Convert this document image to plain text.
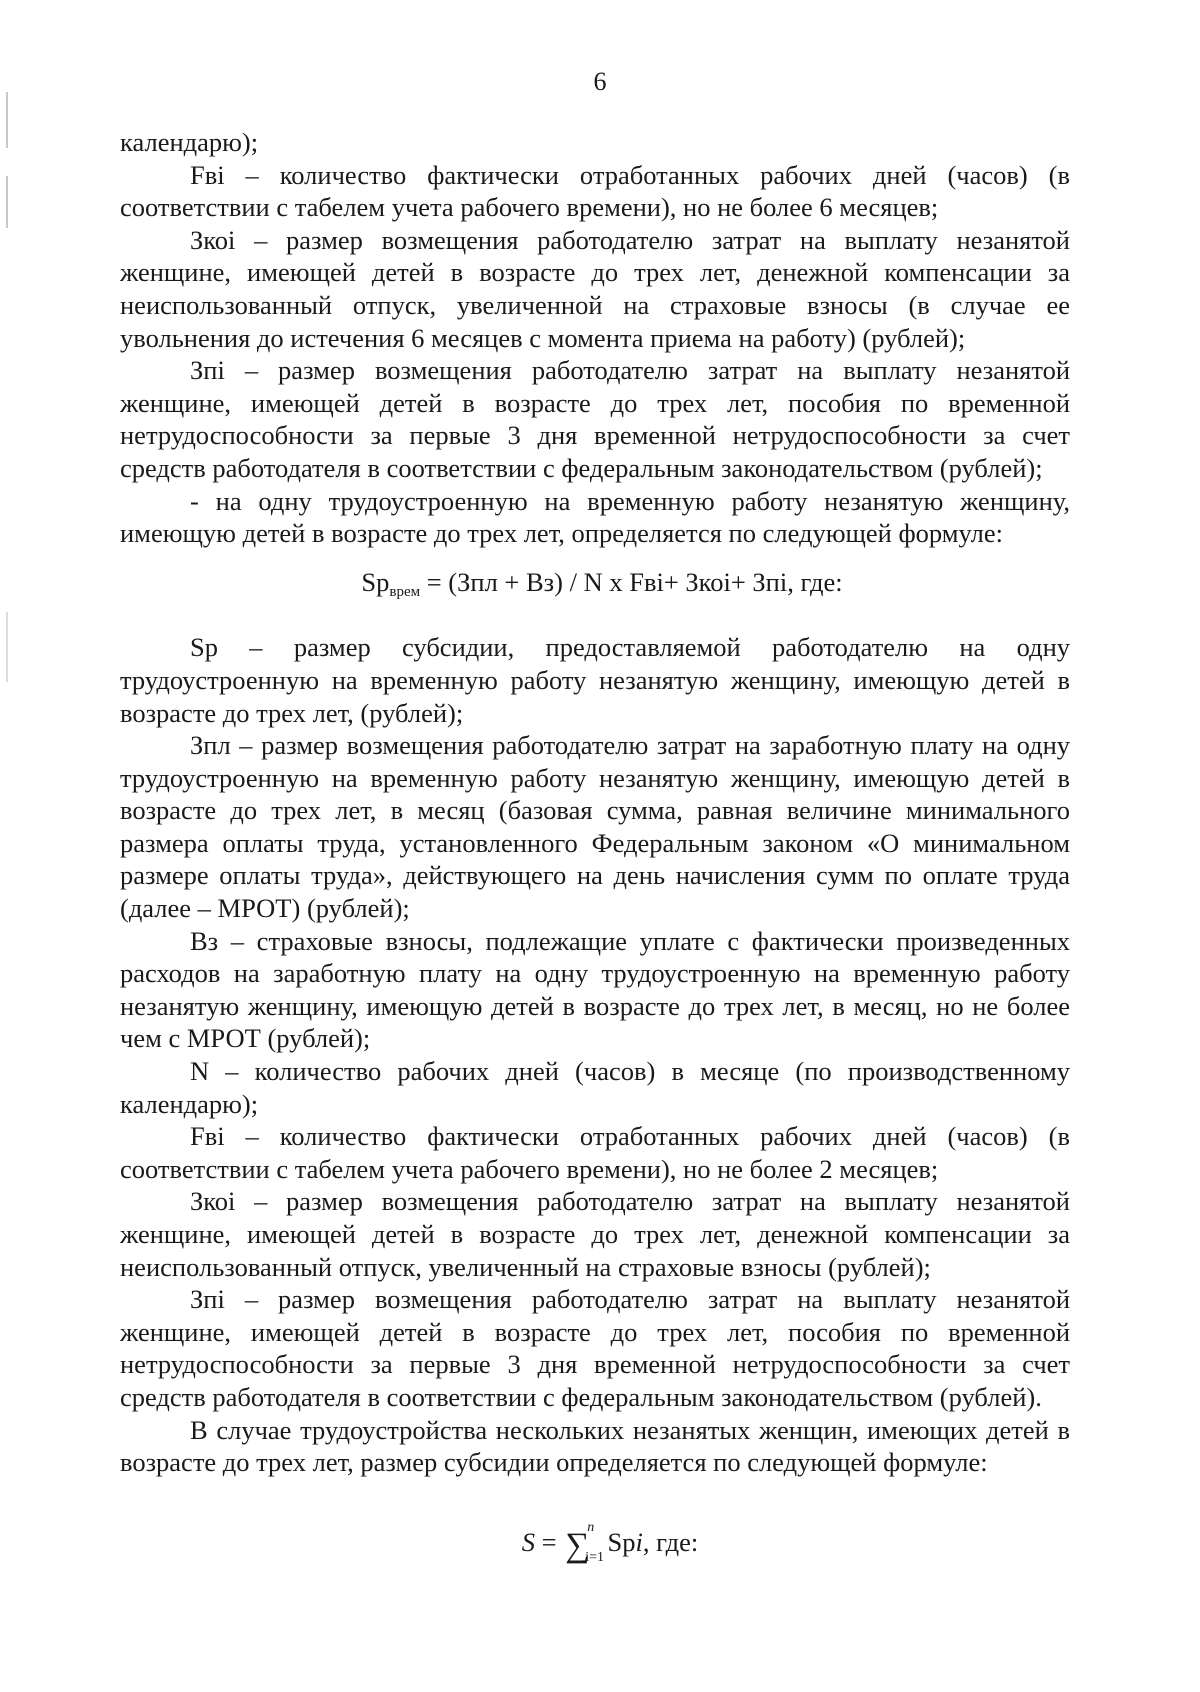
6

календарю);

Fвi – количество фактически отработанных рабочих дней (часов) (в соответствии с табелем учета рабочего времени), но не более 6 месяцев;

Зкоi – размер возмещения работодателю затрат на выплату незанятой женщине, имеющей детей в возрасте до трех лет, денежной компенсации за неиспользованный отпуск, увеличенной на страховые взносы (в случае ее увольнения до истечения 6 месяцев с момента приема на работу) (рублей);

Зпi – размер возмещения работодателю затрат на выплату незанятой женщине, имеющей детей в возрасте до трех лет, пособия по временной нетрудоспособности за первые 3 дня временной нетрудоспособности за счет средств работодателя в соответствии с федеральным законодательством (рублей);

- на одну трудоустроенную на временную работу незанятую женщину, имеющую детей в возрасте до трех лет, определяется по следующей формуле:

Spврем = (Зпл + Вз) / N x Fвi+ Зкоi+ Зпi, где:

Sp – размер субсидии, предоставляемой работодателю на одну трудоустроенную на временную работу незанятую женщину, имеющую детей в возрасте до трех лет, (рублей);

Зпл – размер возмещения работодателю затрат на заработную плату на одну трудоустроенную на временную работу незанятую женщину, имеющую детей в возрасте до трех лет, в месяц (базовая сумма, равная величине минимального размера оплаты труда, установленного Федеральным законом «О минимальном размере оплаты труда», действующего на день начисления сумм по оплате труда (далее – МРОТ) (рублей);

Вз – страховые взносы, подлежащие уплате с фактически произведенных расходов на заработную плату на одну трудоустроенную на временную работу незанятую женщину, имеющую детей в возрасте до трех лет, в месяц, но не более чем с МРОТ (рублей);

N – количество рабочих дней (часов) в месяце (по производственному календарю);

Fвi – количество фактически отработанных рабочих дней (часов) (в соответствии с табелем учета рабочего времени), но не более 2 месяцев;

Зкоi – размер возмещения работодателю затрат на выплату незанятой женщине, имеющей детей в возрасте до трех лет, денежной компенсации за неиспользованный отпуск, увеличенный на страховые взносы (рублей);

Зпi – размер возмещения работодателю затрат на выплату незанятой женщине, имеющей детей в возрасте до трех лет, пособия по временной нетрудоспособности за первые 3 дня временной нетрудоспособности за счет средств работодателя в соответствии с федеральным законодательством (рублей).

В случае трудоустройства нескольких незанятых женщин, имеющих детей в возрасте до трех лет, размер субсидии определяется по следующей формуле:

S = ∑
n
i=1
Spi, где:
